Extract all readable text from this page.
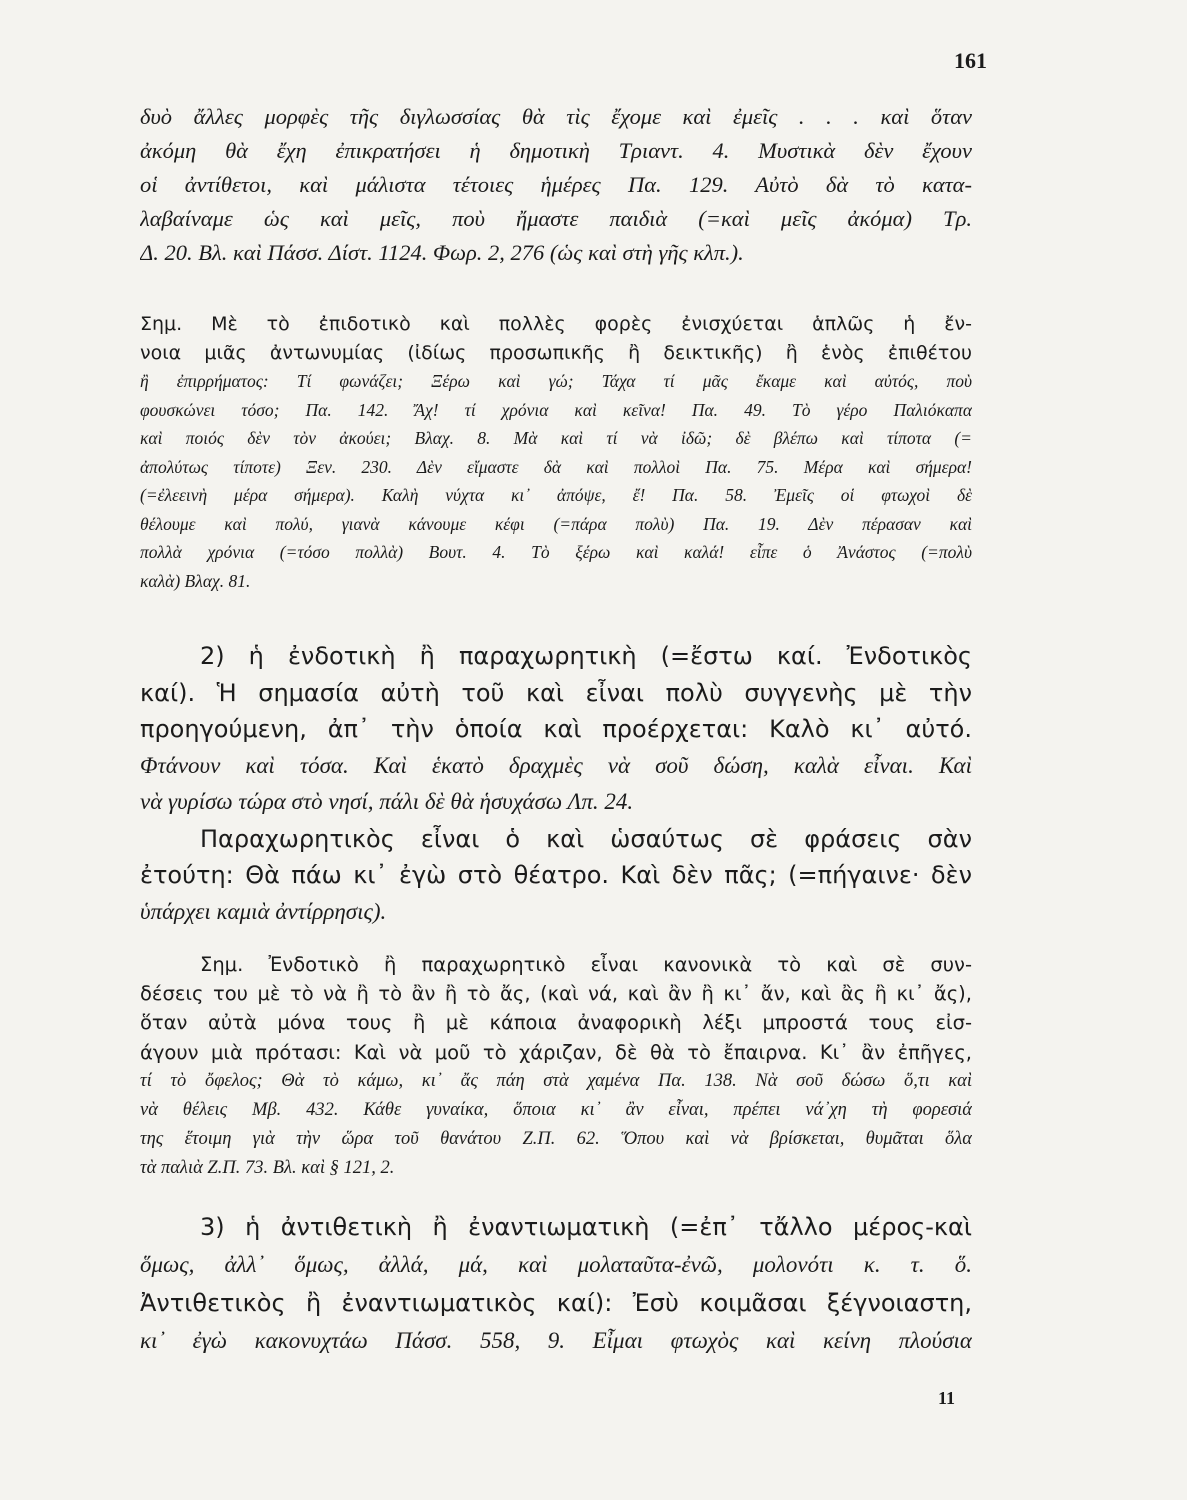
161
δυὸ ἄλλες μορφὲς τῆς διγλωσσίας θὰ τὶς ἔχομε καὶ ἐμεῖς . . . καὶ ὅταν
ἀκόμη θὰ ἔχη ἐπικρατήσει ἡ δημοτικὴ Τριαντ. 4. Μυστικὰ δὲν ἔχουν
οἱ ἀντίθετοι, καὶ μάλιστα τέτοιες ἡμέρες Πα. 129. Αὐτὸ δὰ τὸ κατα-
λαβαίναμε ὡς καὶ μεῖς, ποὺ ἤμαστε παιδιὰ (=καὶ μεῖς ἀκόμα) Τρ.
Δ. 20. Βλ. καὶ Πάσσ. Δίστ. 1124. Φωρ. 2, 276 (ὡς καὶ στὴ γῆς κλπ.).
Σημ. Μὲ τὸ ἐπιδοτικὸ καὶ πολλὲς φορὲς ἐνισχύεται ἁπλῶς ἡ ἔν-
νοια μιᾶς ἀντωνυμίας (ἰδίως προσωπικῆς ἢ δεικτικῆς) ἢ ἑνὸς ἐπιθέτου
ἢ ἐπιρρήματος: Τί φωνάζει; Ξέρω καὶ γώ; Τάχα τί μᾶς ἔκαμε καὶ αὐτός, ποὺ
φουσκώνει τόσο; Πα. 142. Ἄχ! τί χρόνια καὶ κεῖνα! Πα. 49. Τὸ γέρο Παλιόκαπα
καὶ ποιός δὲν τὸν ἀκούει; Βλαχ. 8. Μὰ καὶ τί νὰ ἰδῶ; δὲ βλέπω καὶ τίποτα (=
ἀπολύτως τίποτε) Ξεν. 230. Δὲν εἴμαστε δὰ καὶ πολλοὶ Πα. 75. Μέρα καὶ σήμερα!
(=ἐλεεινὴ μέρα σήμερα). Καλὴ νύχτα κι᾽ ἀπόψε, ἔ! Πα. 58. Ἐμεῖς οἱ φτωχοὶ δὲ
θέλουμε καὶ πολύ, γιανὰ κάνουμε κέφι (=πάρα πολὺ) Πα. 19. Δὲν πέρασαν καὶ
πολλὰ χρόνια (=τόσο πολλὰ) Βουτ. 4. Τὸ ξέρω καὶ καλά! εἶπε ὁ Ἀνάστος (=πολὺ
καλὰ) Βλαχ. 81.
2) ἡ ἐνδοτικὴ ἢ παραχωρητικὴ (=ἔστω καί. Ἐνδοτικὸς
καί). Ἡ σημασία αὐτὴ τοῦ καὶ εἶναι πολὺ συγγενὴς μὲ τὴν
προηγούμενη, ἀπ᾽ τὴν ὁποία καὶ προέρχεται: Καλὸ κι᾽ αὐτό.
Φτάνουν καὶ τόσα. Καὶ ἑκατὸ δραχμὲς νὰ σοῦ δώση, καλὰ εἶναι. Καὶ
νὰ γυρίσω τώρα στὸ νησί, πάλι δὲ θὰ ἡσυχάσω Λπ. 24.
Παραχωρητικὸς εἶναι ὁ καὶ ὡσαύτως σὲ φράσεις σὰν
ἐτούτη: Θὰ πάω κι᾽ ἐγὼ στὸ θέατρο. Καὶ δὲν πᾶς; (=πήγαινε· δὲν
ὑπάρχει καμιὰ ἀντίρρησις).
Σημ. Ἐνδοτικὸ ἢ παραχωρητικὸ εἶναι κανονικὰ τὸ καὶ σὲ συν-
δέσεις του μὲ τὸ νὰ ἢ τὸ ἂν ἢ τὸ ἄς, (καὶ νά, καὶ ἂν ἢ κι᾽ ἄν, καὶ ἂς ἢ κι᾽ ἄς),
ὅταν αὐτὰ μόνα τους ἢ μὲ κάποια ἀναφορικὴ λέξι μπροστά τους εἰσ-
άγουν μιὰ πρότασι: Καὶ νὰ μοῦ τὸ χάριζαν, δὲ θὰ τὸ ἔπαιρνα. Κι᾽ ἂν ἐπῆγες,
τί τὸ ὄφελος; Θὰ τὸ κάμω, κι᾽ ἄς πάη στὰ χαμένα Πα. 138. Νὰ σοῦ δώσω ὅ,τι καὶ
νὰ θέλεις Μβ. 432. Κάθε γυναίκα, ὅποια κι᾽ ἂν εἶναι, πρέπει νά᾽χη τὴ φορεσιά
της ἕτοιμη γιὰ τὴν ὥρα τοῦ θανάτου Ζ.Π. 62. Ὅπου καὶ νὰ βρίσκεται, θυμᾶται ὅλα
τὰ παλιὰ Ζ.Π. 73. Βλ. καὶ § 121, 2.
3) ἡ ἀντιθετικὴ ἢ ἐναντιωματικὴ (=ἐπ᾽ τἄλλο μέρος-καὶ
ὅμως, ἀλλ᾽ ὅμως, ἀλλά, μά, καὶ μολαταῦτα-ἐνῶ, μολονότι κ. τ. ὅ.
Ἀντιθετικὸς ἢ ἐναντιωματικὸς καί): Ἐσὺ κοιμᾶσαι ξέγνοιαστη,
κι᾽ ἐγὼ κακονυχτάω Πάσσ. 558, 9. Εἶμαι φτωχὸς καὶ κείνη πλούσια
11
